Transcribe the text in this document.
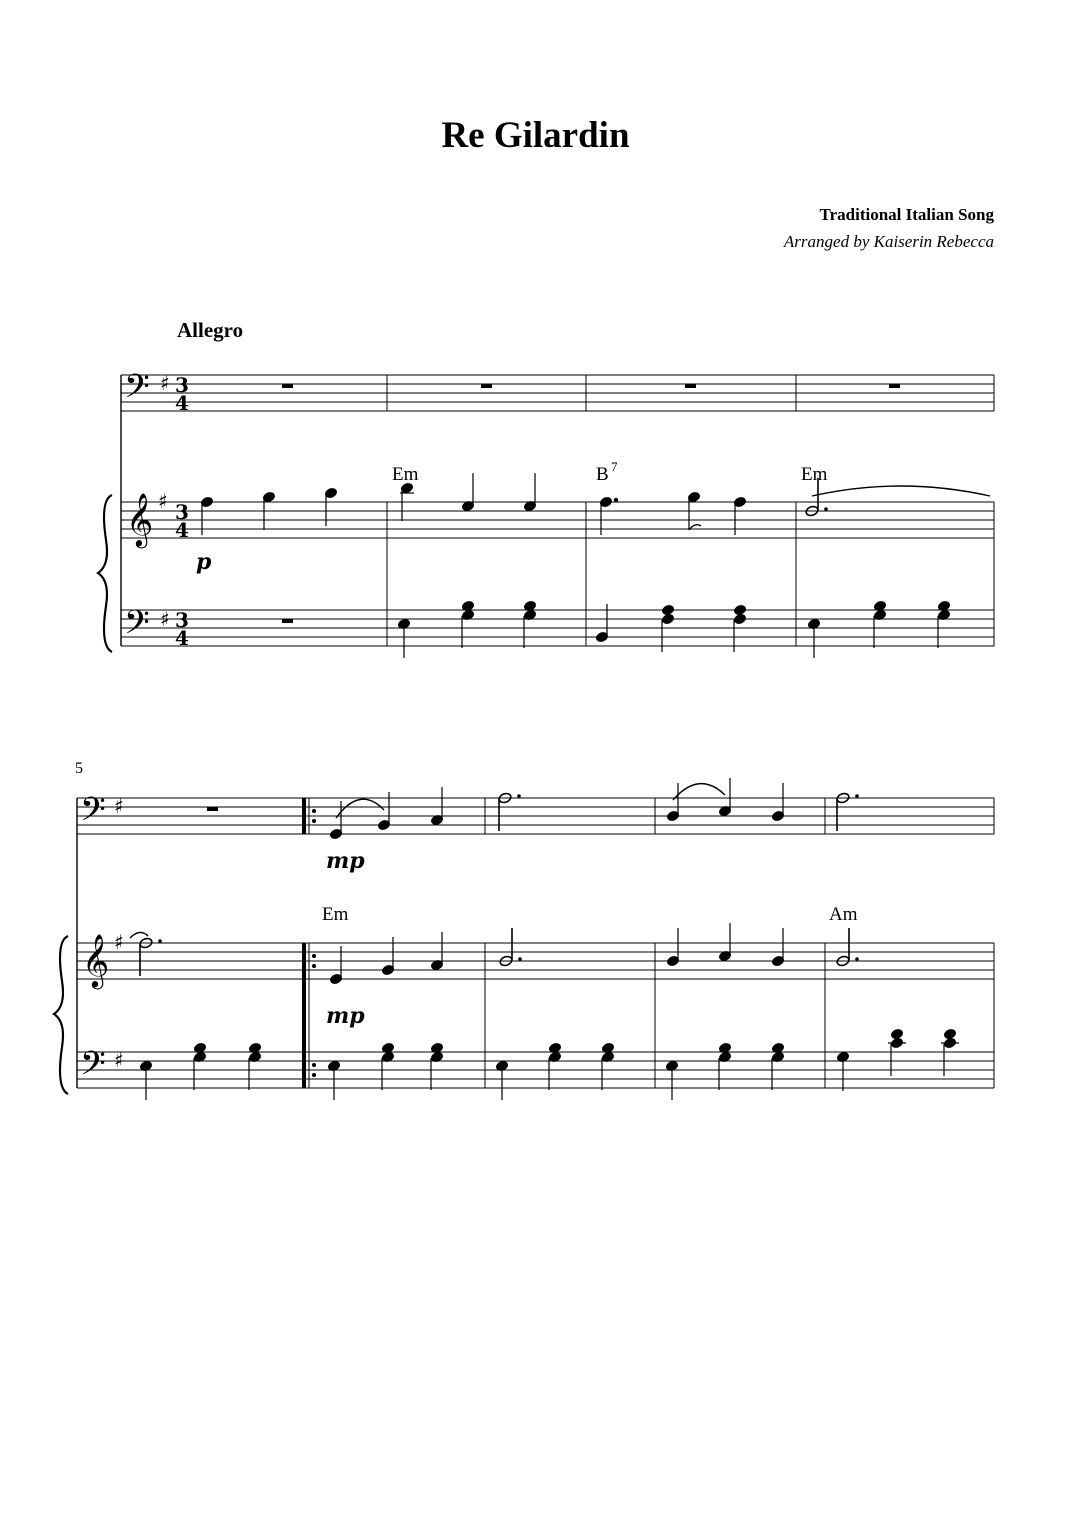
Re Gilardin
Traditional Italian Song
Arranged by Kaiserin Rebecca
Allegro
5
𝄢 ♯
𝄢 ♯
𝄞 ♯
𝄢 ♯
𝄞 ♯
𝄢 ♯
3
4
3
4
3
4
Em	B 7	Em
Em	Am
p
mp
mp
